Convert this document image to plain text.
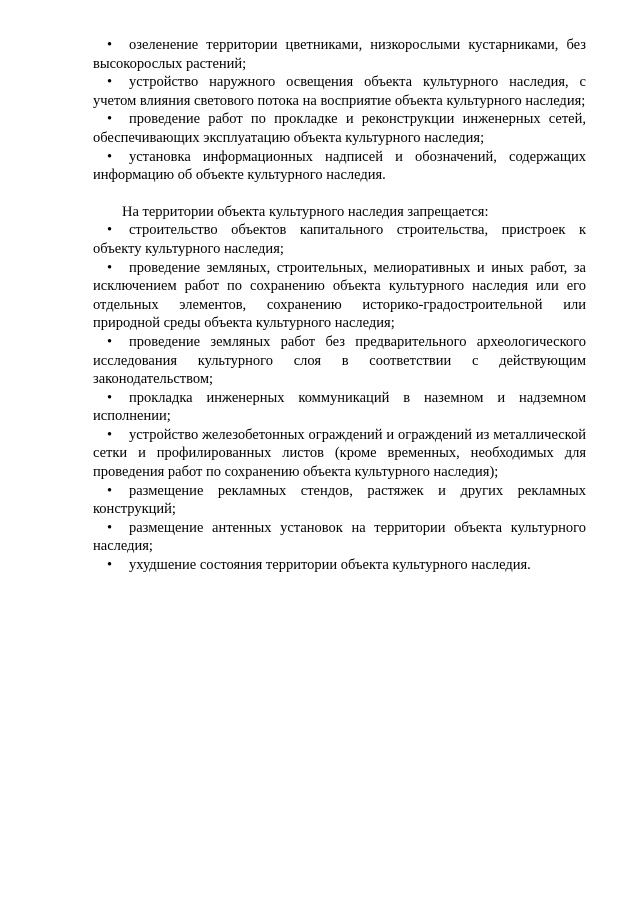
• озеленение территории цветниками, низкорослыми кустарниками, без высокорослых растений;

• устройство наружного освещения объекта культурного наследия, с учетом влияния светового потока на восприятие объекта культурного наследия;

• проведение работ по прокладке и реконструкции инженерных сетей, обеспечивающих эксплуатацию объекта культурного наследия;

• установка информационных надписей и обозначений, содержащих информацию об объекте культурного наследия.

На территории объекта культурного наследия запрещается:

• строительство объектов капитального строительства, пристроек к объекту культурного наследия;

• проведение земляных, строительных, мелиоративных и иных работ, за исключением работ по сохранению объекта культурного наследия или его отдельных элементов, сохранению историко-градостроительной или природной среды объекта культурного наследия;

• проведение земляных работ без предварительного археологического исследования культурного слоя в соответствии с действующим законодательством;

• прокладка инженерных коммуникаций в наземном и надземном исполнении;

• устройство железобетонных ограждений и ограждений из металлической сетки и профилированных листов (кроме временных, необходимых для проведения работ по сохранению объекта культурного наследия);

• размещение рекламных стендов, растяжек и других рекламных конструкций;

• размещение антенных установок на территории объекта культурного наследия;

• ухудшение состояния территории объекта культурного наследия.
